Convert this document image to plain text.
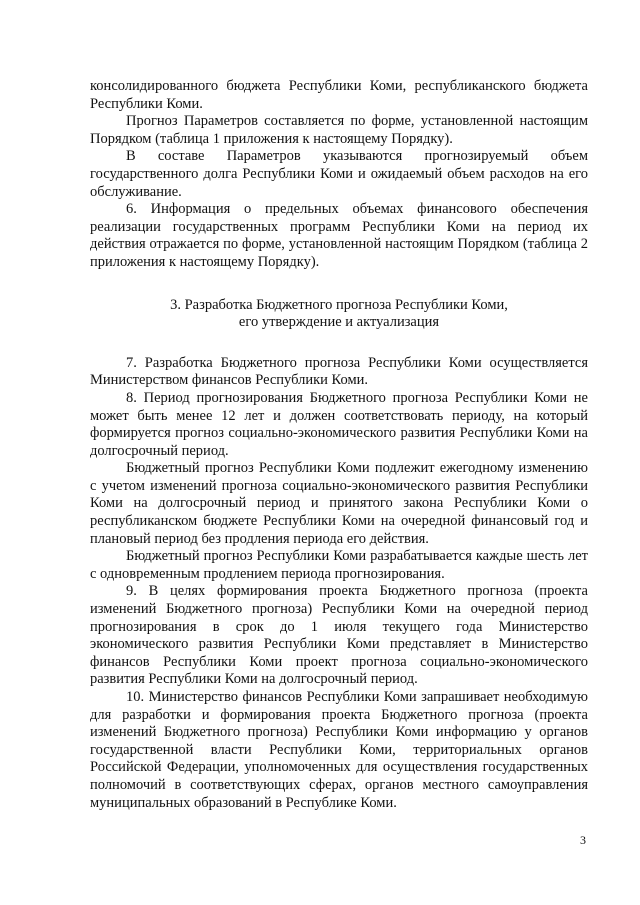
консолидированного бюджета Республики Коми, республиканского бюджета Республики Коми.

Прогноз Параметров составляется по форме, установленной настоящим Порядком (таблица 1 приложения к настоящему Порядку).

В составе Параметров указываются прогнозируемый объем государственного долга Республики Коми и ожидаемый объем расходов на его обслуживание.

6. Информация о предельных объемах финансового обеспечения реализации государственных программ Республики Коми на период их действия отражается по форме, установленной настоящим Порядком (таблица 2 приложения к настоящему Порядку).

3. Разработка Бюджетного прогноза Республики Коми,

его утверждение и актуализация

7. Разработка Бюджетного прогноза Республики Коми осуществляется Министерством финансов Республики Коми.

8. Период прогнозирования Бюджетного прогноза Республики Коми не может быть менее 12 лет и должен соответствовать периоду, на который формируется прогноз социально-экономического развития Республики Коми на долгосрочный период.

Бюджетный прогноз Республики Коми подлежит ежегодному изменению с учетом изменений прогноза социально-экономического развития Республики Коми на долгосрочный период и принятого закона Республики Коми о республиканском бюджете Республики Коми на очередной финансовый год и плановый период без продления периода его действия.

Бюджетный прогноз Республики Коми разрабатывается каждые шесть лет с одновременным продлением периода прогнозирования.

9. В целях формирования проекта Бюджетного прогноза (проекта изменений Бюджетного прогноза) Республики Коми на очередной период прогнозирования в срок до 1 июля текущего года Министерство экономического развития Республики Коми представляет в Министерство финансов Республики Коми проект прогноза социально-экономического развития Республики Коми на долгосрочный период.

10. Министерство финансов Республики Коми запрашивает необходимую для разработки и формирования проекта Бюджетного прогноза (проекта изменений Бюджетного прогноза) Республики Коми информацию у органов государственной власти Республики Коми, территориальных органов Российской Федерации, уполномоченных для осуществления государственных полномочий в соответствующих сферах, органов местного самоуправления муниципальных образований в Республике Коми.

3
